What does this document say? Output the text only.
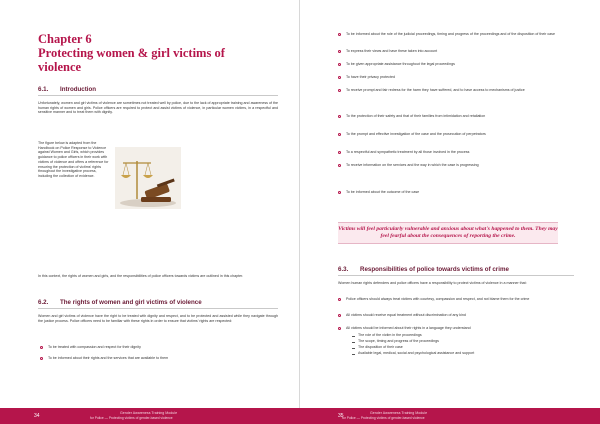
Chapter 6
Protecting women & girl victims of
violence
6.1. Introduction
Unfortunately, women and girl victims of violence are sometimes not treated well by police, due to the lack of appropriate training and awareness of the human rights of women and girls. Police officers are required to protect and assist victims of violence, in particular women victims, in a respectful and sensitive manner and to treat them with dignity.
The figure below is adapted from the Handbook on Police Response to Violence against Women and Girls, which provides guidance to police officers in their work with victims of violence and offers a reference for ensuring the protection of victims' rights throughout the investigative process, including the collection of evidence.
In this context, the rights of women and girls, and the responsibilities of police officers towards victims are outlined in this chapter.
6.2. The rights of women and girl victims of violence
Women and girl victims of violence have the right to be treated with dignity and respect, and to be protected and assisted while they navigate through the justice process. Police officers need to be familiar with these rights in order to ensure that victims' rights are respected:
To be treated with compassion and respect for their dignity
To be informed about their rights and the services that are available to them
To be informed about the role of the judicial proceedings, timing and progress of the proceedings and of the disposition of their case
To express their views and have these taken into account
To be given appropriate assistance throughout the legal proceedings
To have their privacy protected
To receive prompt and fair redress for the harm they have suffered, and to have access to mechanisms of justice
To the protection of their safety and that of their families from intimidation and retaliation
To the prompt and effective investigation of the case and the prosecution of perpetrators
To a respectful and sympathetic treatment by all those involved in the process
To receive information on the services and the way in which the case is progressing
To be informed about the outcome of the case
6.3. Responsibilities of police towards victims of crime
Women human rights defenders and police officers have a responsibility to protect victims of violence in a manner that:
Police officers should always treat victims with courtesy, compassion and respect, and not blame them for the crime
All victims should receive equal treatment without discrimination of any kind
All victims should be informed about their rights in a language they understand
The role of the victim in the proceedings
The scope, timing and progress of the proceedings
The disposition of their case
Available legal, medical, social and psychological assistance and support

Victims will feel particularly vulnerable and anxious about what's happened to them. They may feel fearful about the consequences of reporting the crime.

34	Gender Awareness Training Module
for Police — Protecting victims of gender-based violence	35	Gender Awareness Training Module
for Police — Protecting victims of gender-based violence
